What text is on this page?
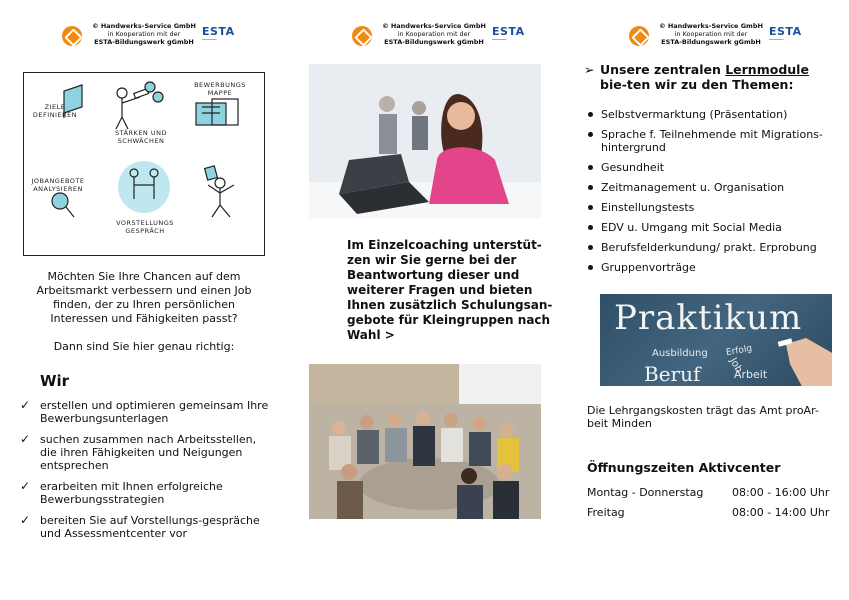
© Handwerks-Service GmbH
in Kooperation mit der
ESTA-Bildungswerk gGmbH
ESTA
━━━━━━
© Handwerks-Service GmbH
in Kooperation mit der
ESTA-Bildungswerk gGmbH
ESTA
━━━━━━
© Handwerks-Service GmbH
in Kooperation mit der
ESTA-Bildungswerk gGmbH
ESTA
━━━━━━
ZIELE DEFINIEREN
STÄRKEN UND SCHWÄCHEN
BEWERBUNGS MAPPE
JOBANGEBOTE ANALYSIEREN
VORSTELLUNGS GESPRÄCH
Möchten Sie Ihre Chancen auf dem Arbeitsmarkt verbessern und einen Job finden, der zu Ihren persönlichen Interessen und Fähigkeiten passt?
Dann sind Sie hier genau richtig:
Wir
✓ erstellen und optimieren gemeinsam Ihre Bewerbungsunterlagen
✓ suchen zusammen nach Arbeitsstellen, die ihren Fähigkeiten und Neigungen entsprechen
✓ erarbeiten mit Ihnen erfolgreiche Bewerbungsstrategien
✓ bereiten Sie auf Vorstellungs-gespräche und Assessmentcenter vor
Im Einzelcoaching unterstüt-zen wir Sie gerne bei der Beantwortung dieser und weiterer Fragen und bieten Ihnen zusätzlich Schulungsan-gebote für Kleingruppen nach Wahl >
➢ Unsere zentralen Lernmodule bie-ten wir zu den Themen:
Selbstvermarktung (Präsentation)
Sprache f. Teilnehmende mit Migrations-hintergrund
Gesundheit
Zeitmanagement u. Organisation
Einstellungstests
EDV u. Umgang mit Social Media
Berufsfelderkundung/ prakt. Erprobung
Gruppenvorträge
Praktikum
Ausbildung Erfolg
Job
Beruf	Arbeit
Die Lehrgangskosten trägt das Amt proAr-beit Minden
Öffnungszeiten Aktivcenter
Montag - Donnerstag	08:00 - 16:00 Uhr
Freitag	08:00 - 14:00 Uhr
